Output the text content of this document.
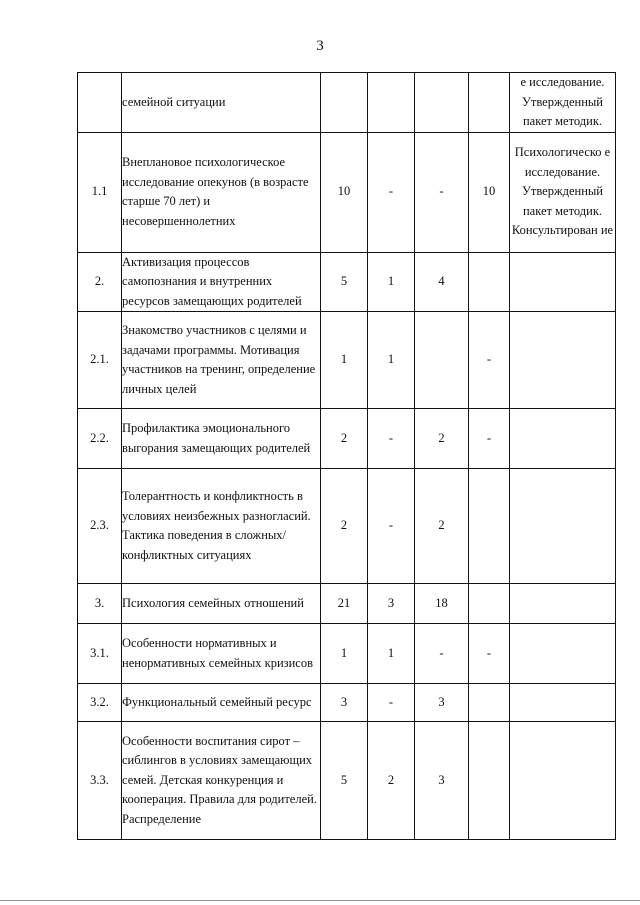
3
	семейной ситуации					е исследование. Утвержденный пакет методик.
1.1	Внеплановое психологическое исследование опекунов (в возрасте старше 70 лет) и несовершеннолетних	10	-	-	10	Психологическо е исследование. Утвержденный пакет методик. Консультирован ие
2.	Активизация процессов самопознания и внутренних ресурсов замещающих родителей	5	1	4		
2.1.	Знакомство участников с целями и задачами программы. Мотивация участников на тренинг, определение личных целей	1	1		-	
2.2.	Профилактика эмоционального выгорания замещающих родителей	2	-	2	-	
2.3.	Толерантность и конфликтность в условиях неизбежных разногласий. Тактика поведения в сложных/конфликтных ситуациях	2	-	2		
3.	Психология семейных отношений	21	3	18		
3.1.	Особенности нормативных и ненормативных семейных кризисов	1	1	-	-	
3.2.	Функциональный семейный ресурс	3	-	3		
3.3.	Особенности воспитания сирот – сиблингов в условиях замещающих семей. Детская конкуренция и кооперация. Правила для родителей. Распределение	5	2	3		
